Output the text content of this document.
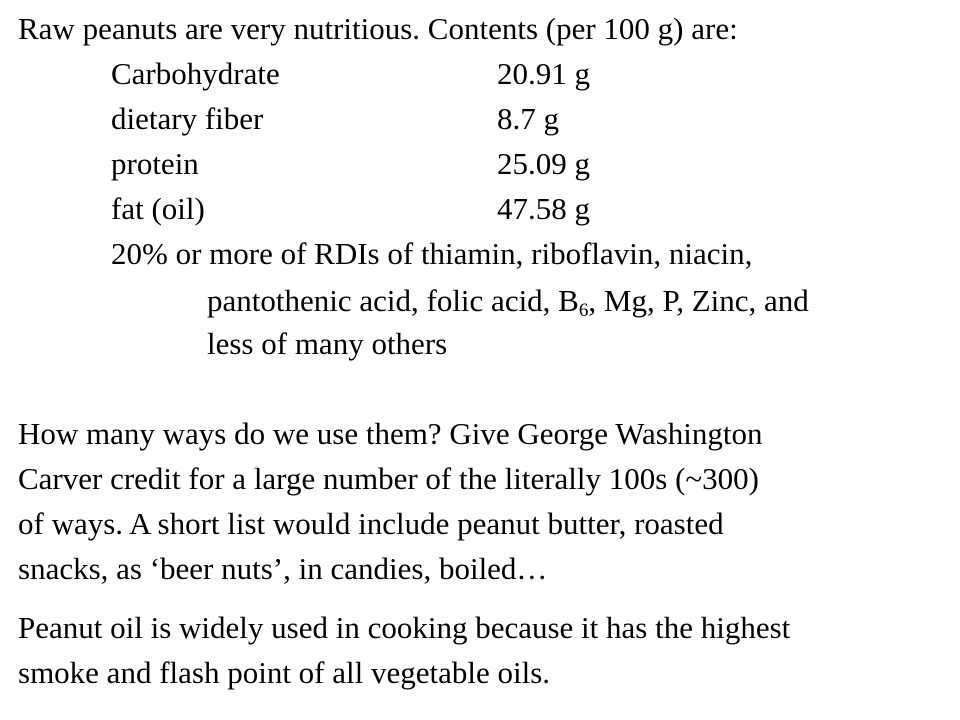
Raw peanuts are very nutritious. Contents (per 100 g) are:
Carbohydrate	20.91 g
dietary fiber	8.7 g
protein	25.09 g
fat (oil)	47.58 g
20% or more of RDIs of thiamin, riboflavin, niacin,
pantothenic acid, folic acid, $B_6$, Mg, P, Zinc, and
less of many others
How many ways do we use them? Give George Washington
Carver credit for a large number of the literally 100s (~300)
of ways. A short list would include peanut butter, roasted
snacks, as ‘beer nuts’, in candies, boiled…
Peanut oil is widely used in cooking because it has the highest
smoke and flash point of all vegetable oils.
